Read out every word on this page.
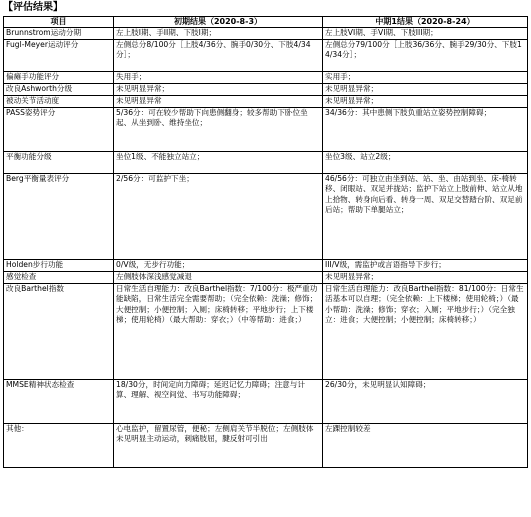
【评估结果】
项目	初期结果（2020-8-3）	中期1结果（2020-8-24）
Brunnstrom运动分期	左上肢I期、手II期、下肢I期；	左上肢VI期、手VI期、下肢III期；
Fugl-Meyer运动评分	左侧总分8/100分［上肢4/36分、腕手0/30分、下肢4/34分］；	左侧总分79/100分［上肢36/36分、腕手29/30分、下肢14/34分］；
偏瘫手功能评分	失用手；	实用手；
改良Ashworth分级	未见明显异常；	未见明显异常；
被动关节活动度	未见明显异常	未见明显异常；
PASS姿势评分	5/36分：可在较少帮助下向患侧翻身；较多帮助下卧位坐起、从坐到卧、维持坐位；	34/36分：其中患侧下肢负重站立姿势控制障碍；
平衡功能分级	坐位1级、不能独立站立；	坐位3级、站立2级；
Berg平衡量表评分	2/56分：可监护下坐；	46/56分：可独立由坐到站、站、坐、由站到坐、床-椅转移、闭眼站、双足并拢站；监护下站立上肢前伸、站立从地上拾物、转身向后看、转身一周、双足交替踏台阶、双足前后站；帮助下单腿站立；
Holden步行功能	0/V级，无步行功能；	III/V级，需监护或言语指导下步行；
感觉检查	左侧肢体深浅感觉减退	未见明显异常；
改良Barthel指数	日常生活自理能力：改良Barthel指数：7/100分：极严重功能缺陷，日常生活完全需要帮助；（完全依赖：洗澡；修饰；大便控制；小便控制；入厕；床椅转移；平地步行；上下楼梯；使用轮椅）（最大帮助：穿衣；）（中等帮助：进食；）	日常生活自理能力：改良Barthel指数：81/100分：日常生活基本可以自理；（完全依赖：上下楼梯；使用轮椅；）（最小帮助：洗澡；修饰；穿衣；入厕；平地步行；）（完全独立：进食；大便控制；小便控制；床椅转移；）
MMSE精神状态检查	18/30分，时间定向力障碍；延迟记忆力障碍；注意与计算、理解、视空间觉、书写功能障碍；	26/30分，未见明显认知障碍；
其他：	心电监护，留置尿管，便秘；左侧肩关节半脱位；左侧肢体未见明显主动运动，刺痛肢屈，腱反射可引出	左踝控制较差
